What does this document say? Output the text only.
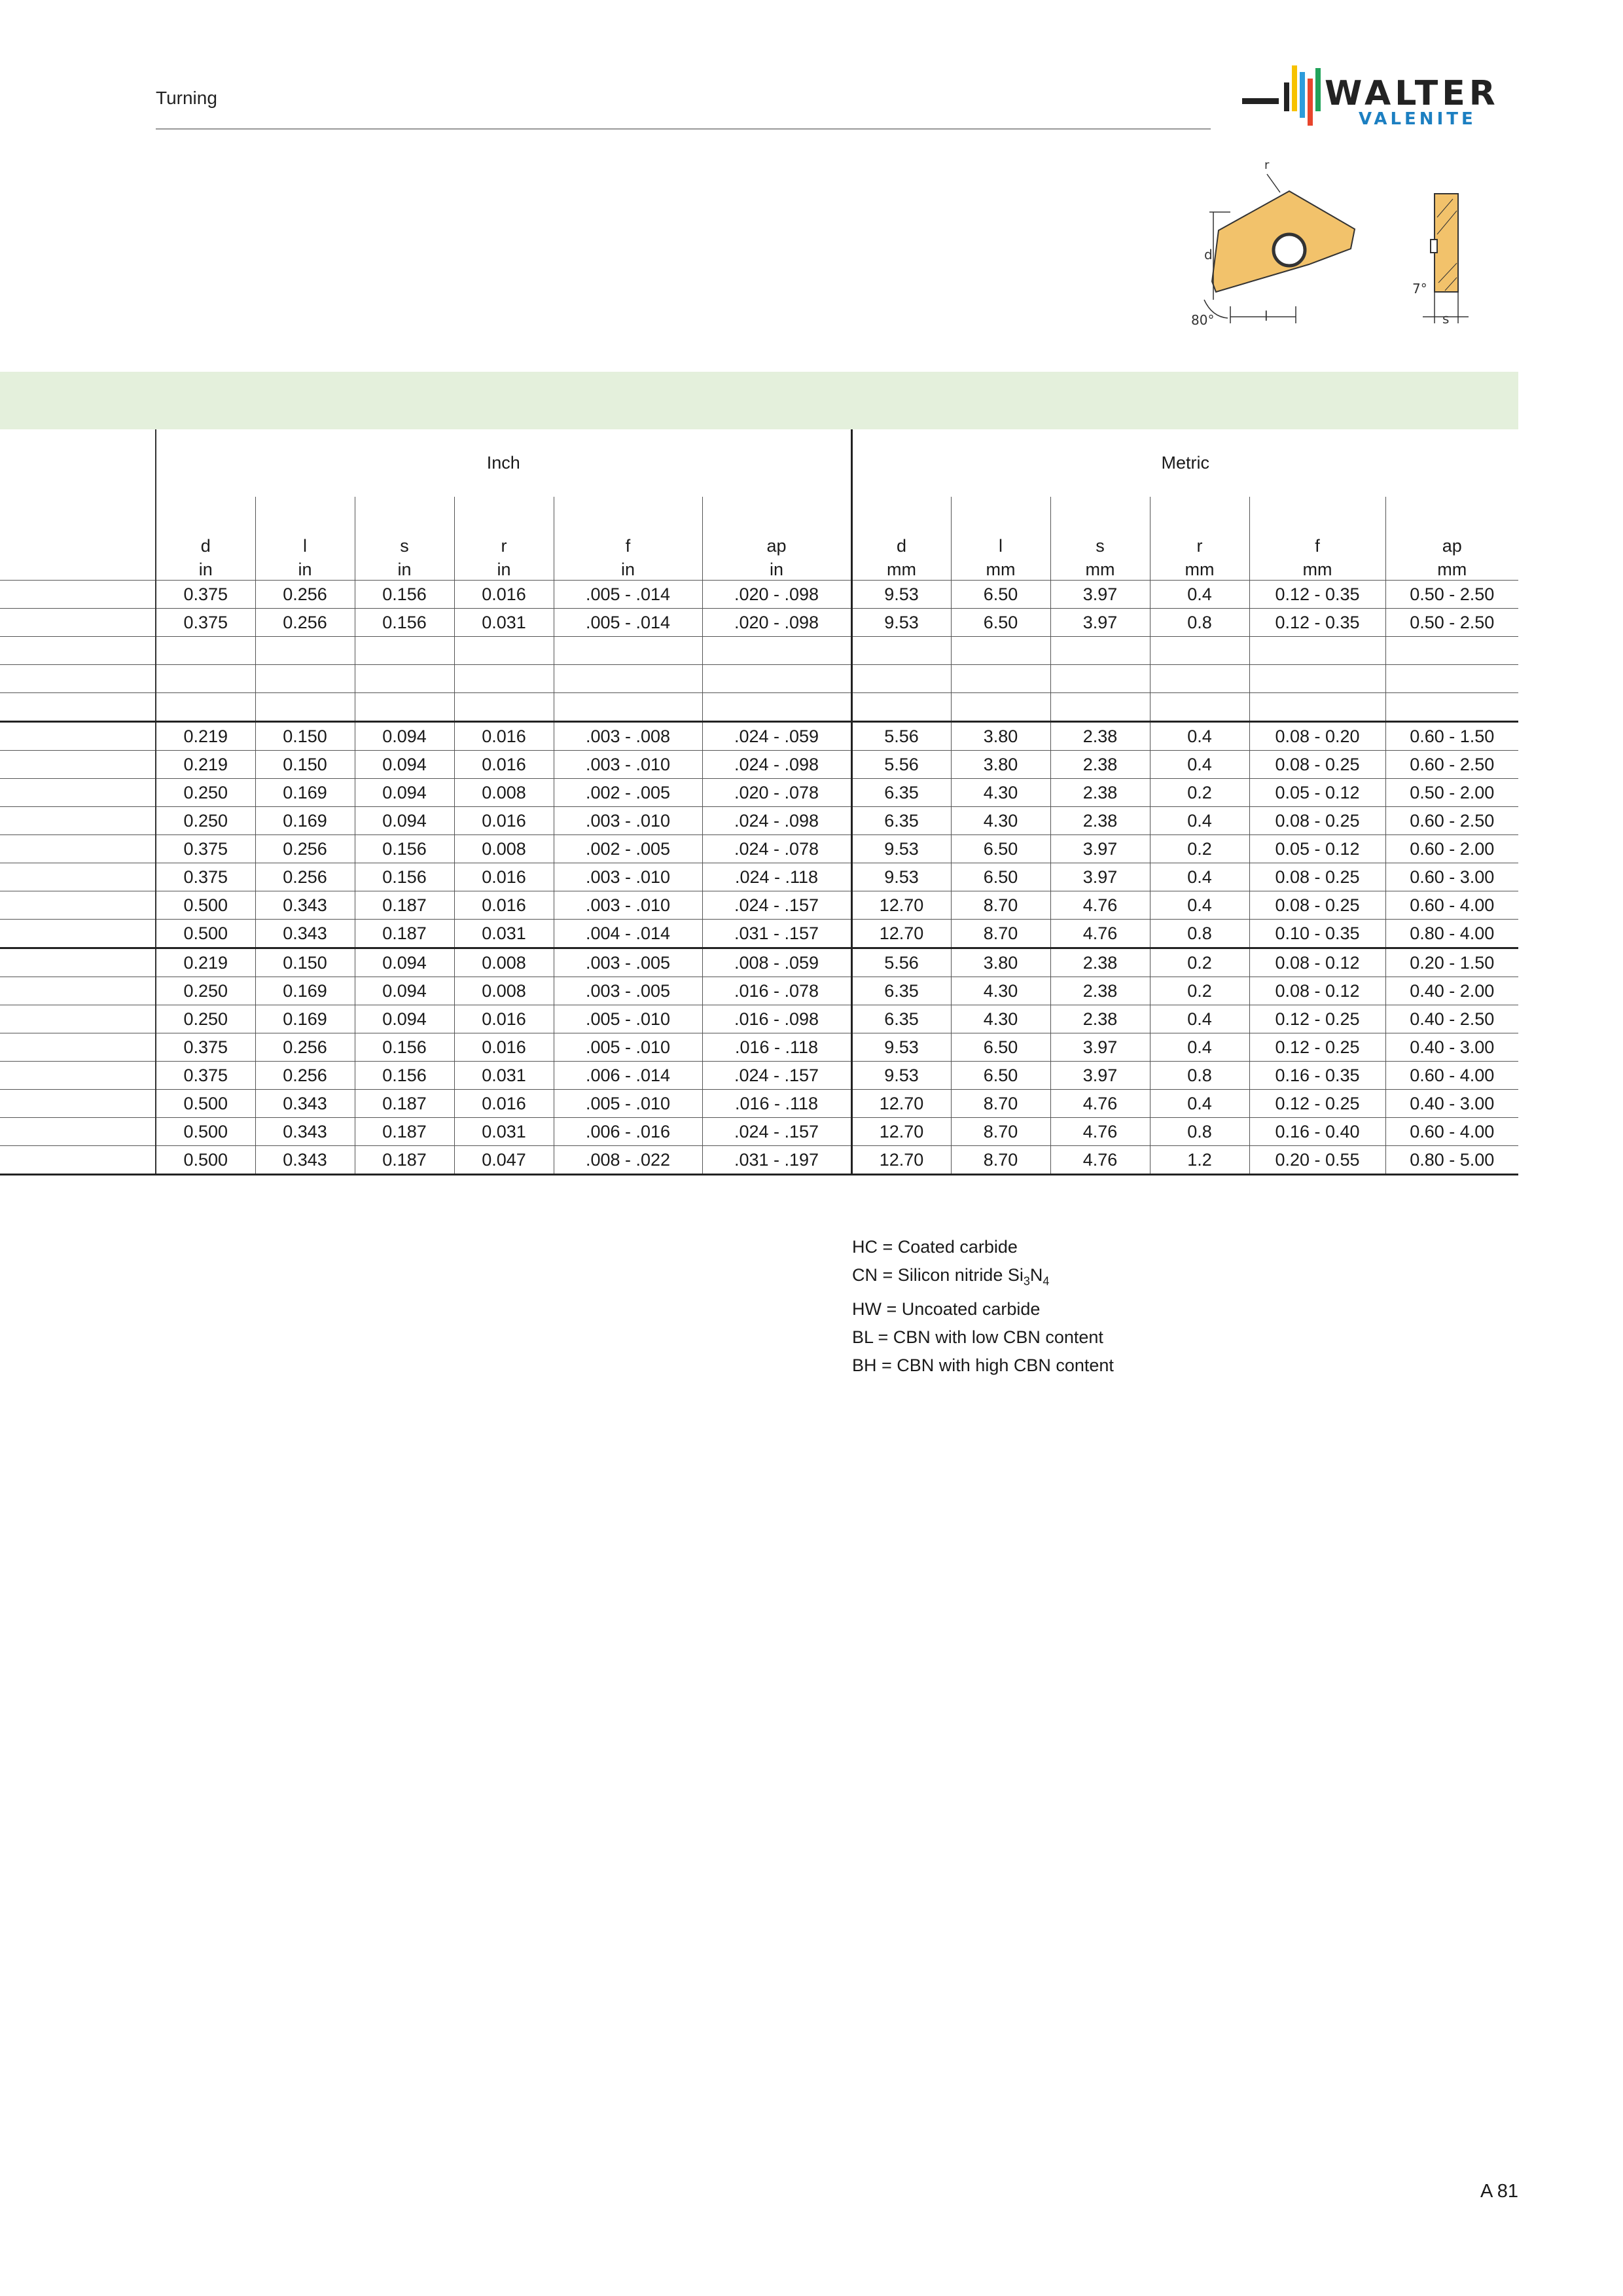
Turning	WALTER
VALENITE
r
d
l
80°
7°
s
	Inch						Metric					

	d	l	s	r	f	ap	d	l	s	r	f	ap
	in	in	in	in	in	in	mm	mm	mm	mm	mm	mm
	0.375	0.256	0.156	0.016	.005 - .014	.020 - .098	9.53	6.50	3.97	0.4	0.12 - 0.35	0.50 - 2.50
	0.375	0.256	0.156	0.031	.005 - .014	.020 - .098	9.53	6.50	3.97	0.8	0.12 - 0.35	0.50 - 2.50

	0.219	0.150	0.094	0.016	.003 - .008	.024 - .059	5.56	3.80	2.38	0.4	0.08 - 0.20	0.60 - 1.50
	0.219	0.150	0.094	0.016	.003 - .010	.024 - .098	5.56	3.80	2.38	0.4	0.08 - 0.25	0.60 - 2.50
	0.250	0.169	0.094	0.008	.002 - .005	.020 - .078	6.35	4.30	2.38	0.2	0.05 - 0.12	0.50 - 2.00
	0.250	0.169	0.094	0.016	.003 - .010	.024 - .098	6.35	4.30	2.38	0.4	0.08 - 0.25	0.60 - 2.50
	0.375	0.256	0.156	0.008	.002 - .005	.024 - .078	9.53	6.50	3.97	0.2	0.05 - 0.12	0.60 - 2.00
	0.375	0.256	0.156	0.016	.003 - .010	.024 - .118	9.53	6.50	3.97	0.4	0.08 - 0.25	0.60 - 3.00
	0.500	0.343	0.187	0.016	.003 - .010	.024 - .157	12.70	8.70	4.76	0.4	0.08 - 0.25	0.60 - 4.00
	0.500	0.343	0.187	0.031	.004 - .014	.031 - .157	12.70	8.70	4.76	0.8	0.10 - 0.35	0.80 - 4.00
	0.219	0.150	0.094	0.008	.003 - .005	.008 - .059	5.56	3.80	2.38	0.2	0.08 - 0.12	0.20 - 1.50
	0.250	0.169	0.094	0.008	.003 - .005	.016 - .078	6.35	4.30	2.38	0.2	0.08 - 0.12	0.40 - 2.00
	0.250	0.169	0.094	0.016	.005 - .010	.016 - .098	6.35	4.30	2.38	0.4	0.12 - 0.25	0.40 - 2.50
	0.375	0.256	0.156	0.016	.005 - .010	.016 - .118	9.53	6.50	3.97	0.4	0.12 - 0.25	0.40 - 3.00
	0.375	0.256	0.156	0.031	.006 - .014	.024 - .157	9.53	6.50	3.97	0.8	0.16 - 0.35	0.60 - 4.00
	0.500	0.343	0.187	0.016	.005 - .010	.016 - .118	12.70	8.70	4.76	0.4	0.12 - 0.25	0.40 - 3.00
	0.500	0.343	0.187	0.031	.006 - .016	.024 - .157	12.70	8.70	4.76	0.8	0.16 - 0.40	0.60 - 4.00
	0.500	0.343	0.187	0.047	.008 - .022	.031 - .197	12.70	8.70	4.76	1.2	0.20 - 0.55	0.80 - 5.00
HC = Coated carbide
CN = Silicon nitride $Si_3N_4$
HW = Uncoated carbide
BL = CBN with low CBN content
BH = CBN with high CBN content
A 81
